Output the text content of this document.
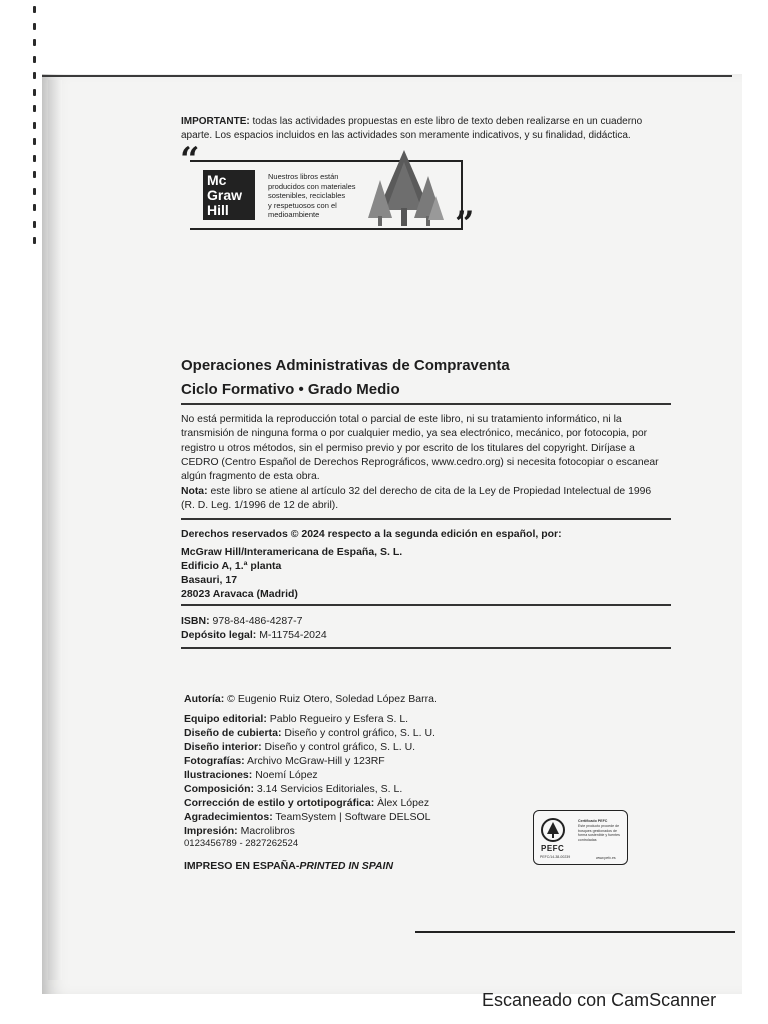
IMPORTANTE: todas las actividades propuestas en este libro de texto deben realizarse en un cuaderno
aparte. Los espacios incluidos en las actividades son meramente indicativos, y su finalidad, didáctica.
“
”
Mc
Graw
Hill
Nuestros libros están
producidos con materiales
sostenibles, reciclables
y respetuosos con el
medioambiente
Operaciones Administrativas de Compraventa
Ciclo Formativo • Grado Medio
No está permitida la reproducción total o parcial de este libro, ni su tratamiento informático, ni la
transmisión de ninguna forma o por cualquier medio, ya sea electrónico, mecánico, por fotocopia, por
registro u otros métodos, sin el permiso previo y por escrito de los titulares del copyright. Diríjase a
CEDRO (Centro Español de Derechos Reprográficos, www.cedro.org) si necesita fotocopiar o escanear
algún fragmento de esta obra.
Nota: este libro se atiene al artículo 32 del derecho de cita de la Ley de Propiedad Intelectual de 1996
(R. D. Leg. 1/1996 de 12 de abril).
Derechos reservados © 2024 respecto a la segunda edición en español, por:
McGraw Hill/Interamericana de España, S. L.
Edificio A, 1.ª planta
Basauri, 17
28023 Aravaca (Madrid)
ISBN: 978-84-486-4287-7
Depósito legal: M-11754-2024
Autoría: © Eugenio Ruiz Otero, Soledad López Barra.
Equipo editorial: Pablo Regueiro y Esfera S. L.
Diseño de cubierta: Diseño y control gráfico, S. L. U.
Diseño interior: Diseño y control gráfico, S. L. U.
Fotografías: Archivo McGraw-Hill y 123RF
Ilustraciones: Noemí López
Composición: 3.14 Servicios Editoriales, S. L.
Corrección de estilo y ortotipográfica: Àlex López
Agradecimientos: TeamSystem | Software DELSOL
Impresión: Macrolibros
0123456789 - 2827262524
IMPRESO EN ESPAÑA-PRINTED IN SPAIN
Certificado PEFC
Este producto procede de
bosques gestionados de
forma sostenible y fuentes
controladas
PEFC
PEFC/14-38-00239	www.pefc.es
Escaneado con CamScanner
